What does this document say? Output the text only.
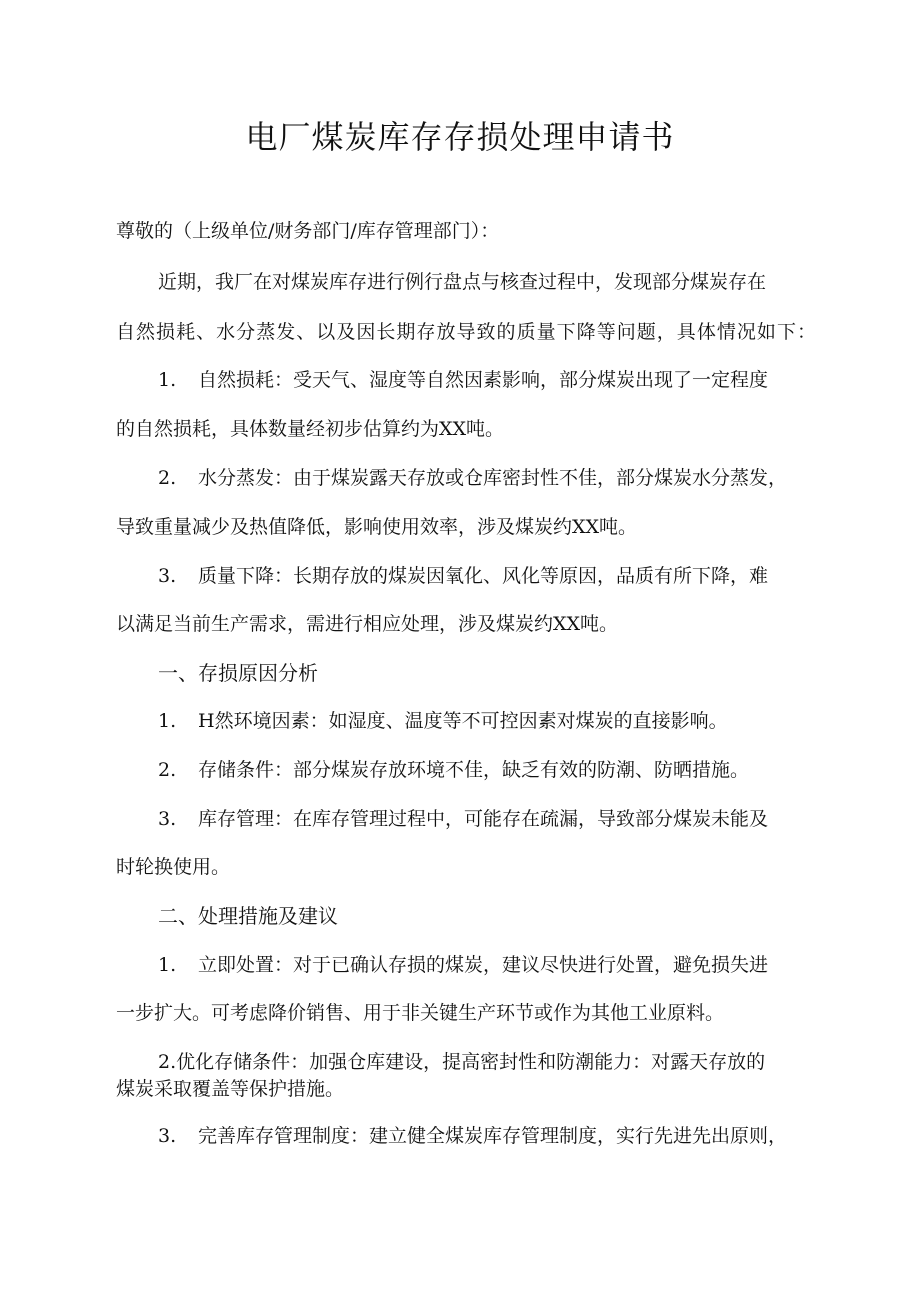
电厂煤炭库存存损处理申请书
尊敬的（上级单位/财务部门/库存管理部门）：
近期，我厂在对煤炭库存进行例行盘点与核查过程中，发现部分煤炭存在
自然损耗、水分蒸发、以及因长期存放导致的质量下降等问题，具体情况如下：
1. 自然损耗：受天气、湿度等自然因素影响，部分煤炭出现了一定程度
的自然损耗，具体数量经初步估算约为XX吨。
2. 水分蒸发：由于煤炭露天存放或仓库密封性不佳，部分煤炭水分蒸发，
导致重量减少及热值降低，影响使用效率，涉及煤炭约XX吨。
3. 质量下降：长期存放的煤炭因氧化、风化等原因，品质有所下降，难
以满足当前生产需求，需进行相应处理，涉及煤炭约XX吨。
一、存损原因分析
1. H然环境因素：如湿度、温度等不可控因素对煤炭的直接影响。
2. 存储条件：部分煤炭存放环境不佳，缺乏有效的防潮、防晒措施。
3. 库存管理：在库存管理过程中，可能存在疏漏，导致部分煤炭未能及
时轮换使用。
二、处理措施及建议
1. 立即处置：对于已确认存损的煤炭，建议尽快进行处置，避免损失进
一步扩大。可考虑降价销售、用于非关键生产环节或作为其他工业原料。
2.优化存储条件：加强仓库建设，提高密封性和防潮能力：对露天存放的
煤炭采取覆盖等保护措施。
3. 完善库存管理制度：建立健全煤炭库存管理制度，实行先进先出原则，
